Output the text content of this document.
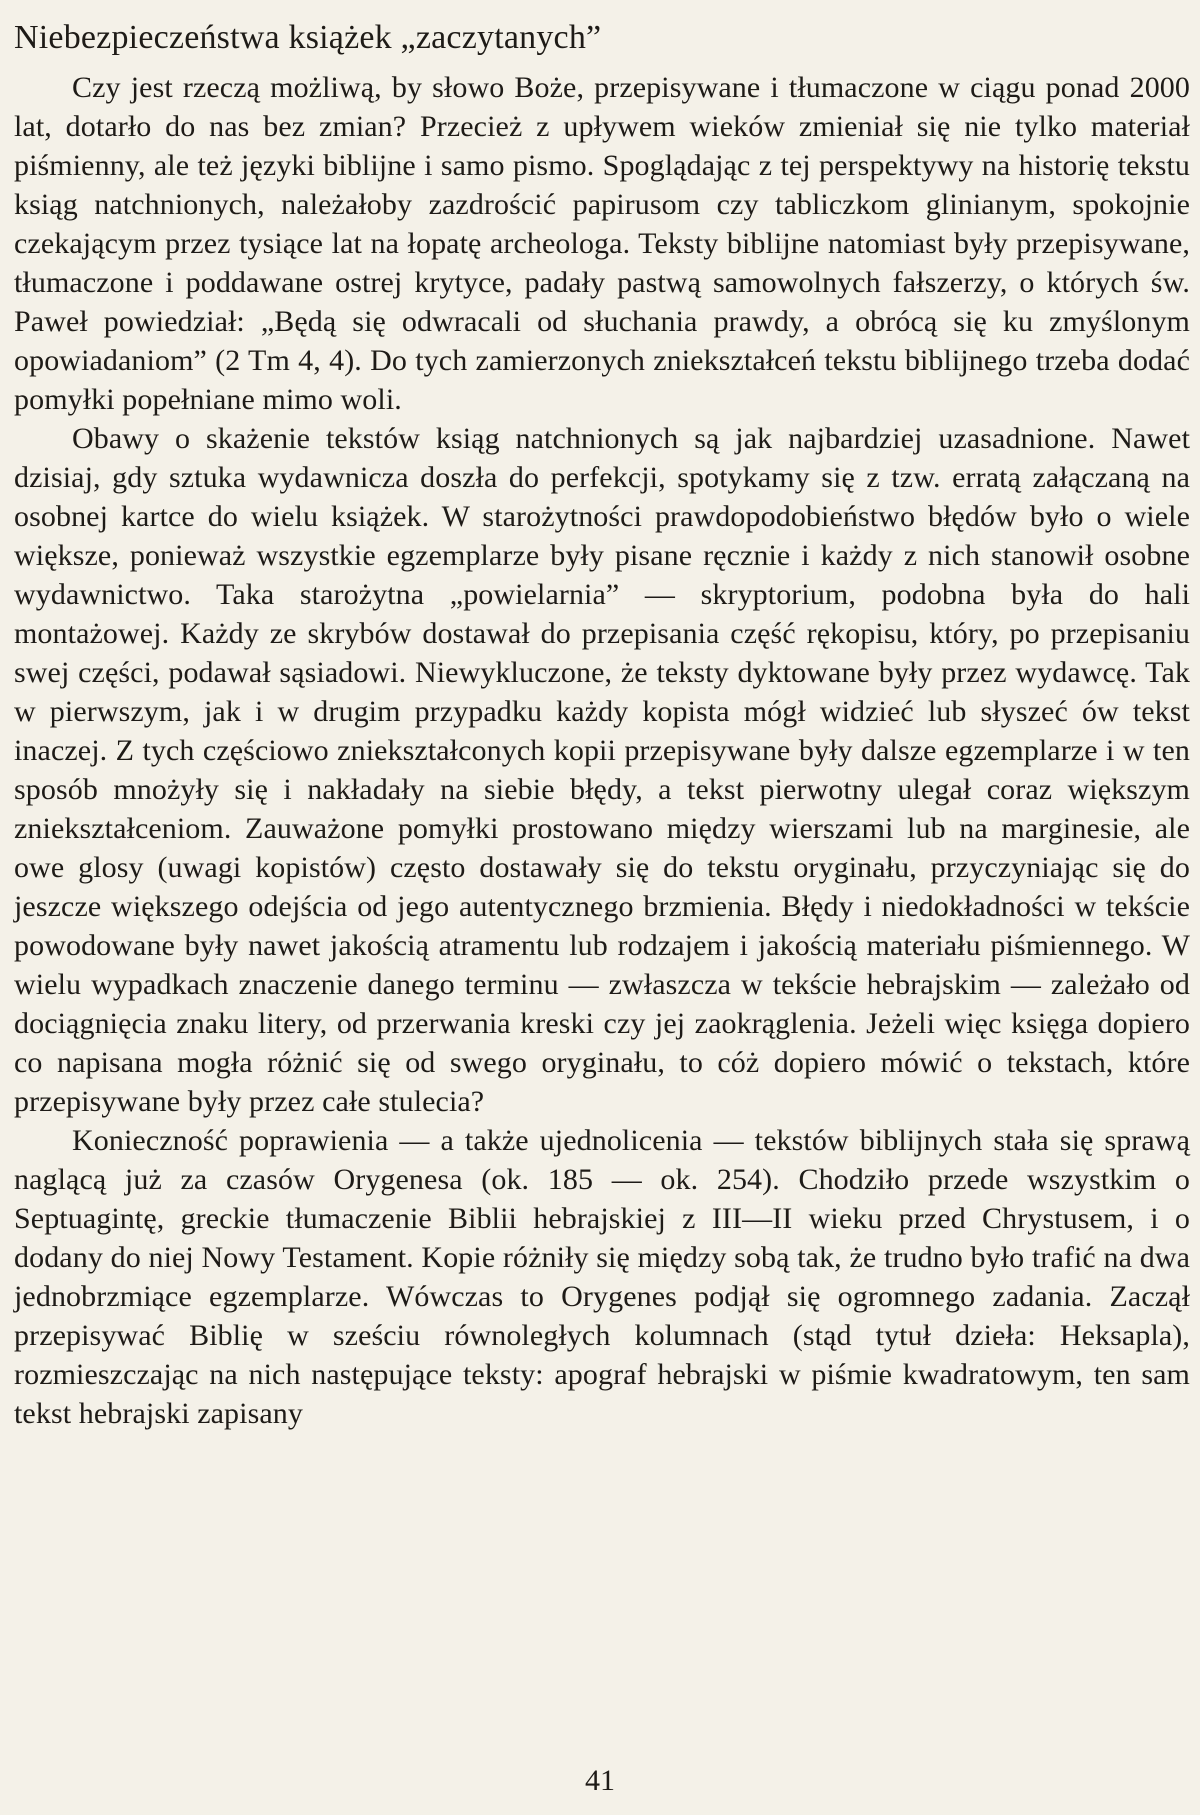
Niebezpieczeństwa książek „zaczytanych”

Czy jest rzeczą możliwą, by słowo Boże, przepisywane i tłumaczone w ciągu ponad 2000 lat, dotarło do nas bez zmian? Przecież z upływem wieków zmieniał się nie tylko materiał piśmienny, ale też języki biblijne i samo pismo. Spoglądając z tej perspektywy na historię tekstu ksiąg natchnionych, należałoby zazdrościć papirusom czy tabliczkom glinianym, spokojnie czekającym przez tysiące lat na łopatę archeologa. Teksty biblijne natomiast były przepisywane, tłumaczone i poddawane ostrej krytyce, padały pastwą samowolnych fałszerzy, o których św. Paweł powiedział: „Będą się odwracali od słuchania prawdy, a obrócą się ku zmyślonym opowiadaniom” (2 Tm 4, 4). Do tych zamierzonych zniekształceń tekstu biblijnego trzeba dodać pomyłki popełniane mimo woli.

Obawy o skażenie tekstów ksiąg natchnionych są jak najbardziej uzasadnione. Nawet dzisiaj, gdy sztuka wydawnicza doszła do perfekcji, spotykamy się z tzw. erratą załączaną na osobnej kartce do wielu książek. W starożytności prawdopodobieństwo błędów było o wiele większe, ponieważ wszystkie egzemplarze były pisane ręcznie i każdy z nich stanowił osobne wydawnictwo. Taka starożytna „powielarnia” — skryptorium, podobna była do hali montażowej. Każdy ze skrybów dostawał do przepisania część rękopisu, który, po przepisaniu swej części, podawał sąsiadowi. Niewykluczone, że teksty dyktowane były przez wydawcę. Tak w pierwszym, jak i w drugim przypadku każdy kopista mógł widzieć lub słyszeć ów tekst inaczej. Z tych częściowo zniekształconych kopii przepisywane były dalsze egzemplarze i w ten sposób mnożyły się i nakładały na siebie błędy, a tekst pierwotny ulegał coraz większym zniekształceniom. Zauważone pomyłki prostowano między wierszami lub na marginesie, ale owe glosy (uwagi kopistów) często dostawały się do tekstu oryginału, przyczyniając się do jeszcze większego odejścia od jego autentycznego brzmienia. Błędy i niedokładności w tekście powodowane były nawet jakością atramentu lub rodzajem i jakością materiału piśmiennego. W wielu wypadkach znaczenie danego terminu — zwłaszcza w tekście hebrajskim — zależało od dociągnięcia znaku litery, od przerwania kreski czy jej zaokrąglenia. Jeżeli więc księga dopiero co napisana mogła różnić się od swego oryginału, to cóż dopiero mówić o tekstach, które przepisywane były przez całe stulecia?

Konieczność poprawienia — a także ujednolicenia — tekstów biblijnych stała się sprawą naglącą już za czasów Orygenesa (ok. 185 — ok. 254). Chodziło przede wszystkim o Septuagintę, greckie tłumaczenie Biblii hebrajskiej z III—II wieku przed Chrystusem, i o dodany do niej Nowy Testament. Kopie różniły się między sobą tak, że trudno było trafić na dwa jednobrzmiące egzemplarze. Wówczas to Orygenes podjął się ogromnego zadania. Zaczął przepisywać Biblię w sześciu równoległych kolumnach (stąd tytuł dzieła: Heksapla), rozmieszczając na nich następujące teksty: apograf hebrajski w piśmie kwadratowym, ten sam tekst hebrajski zapisany

41
